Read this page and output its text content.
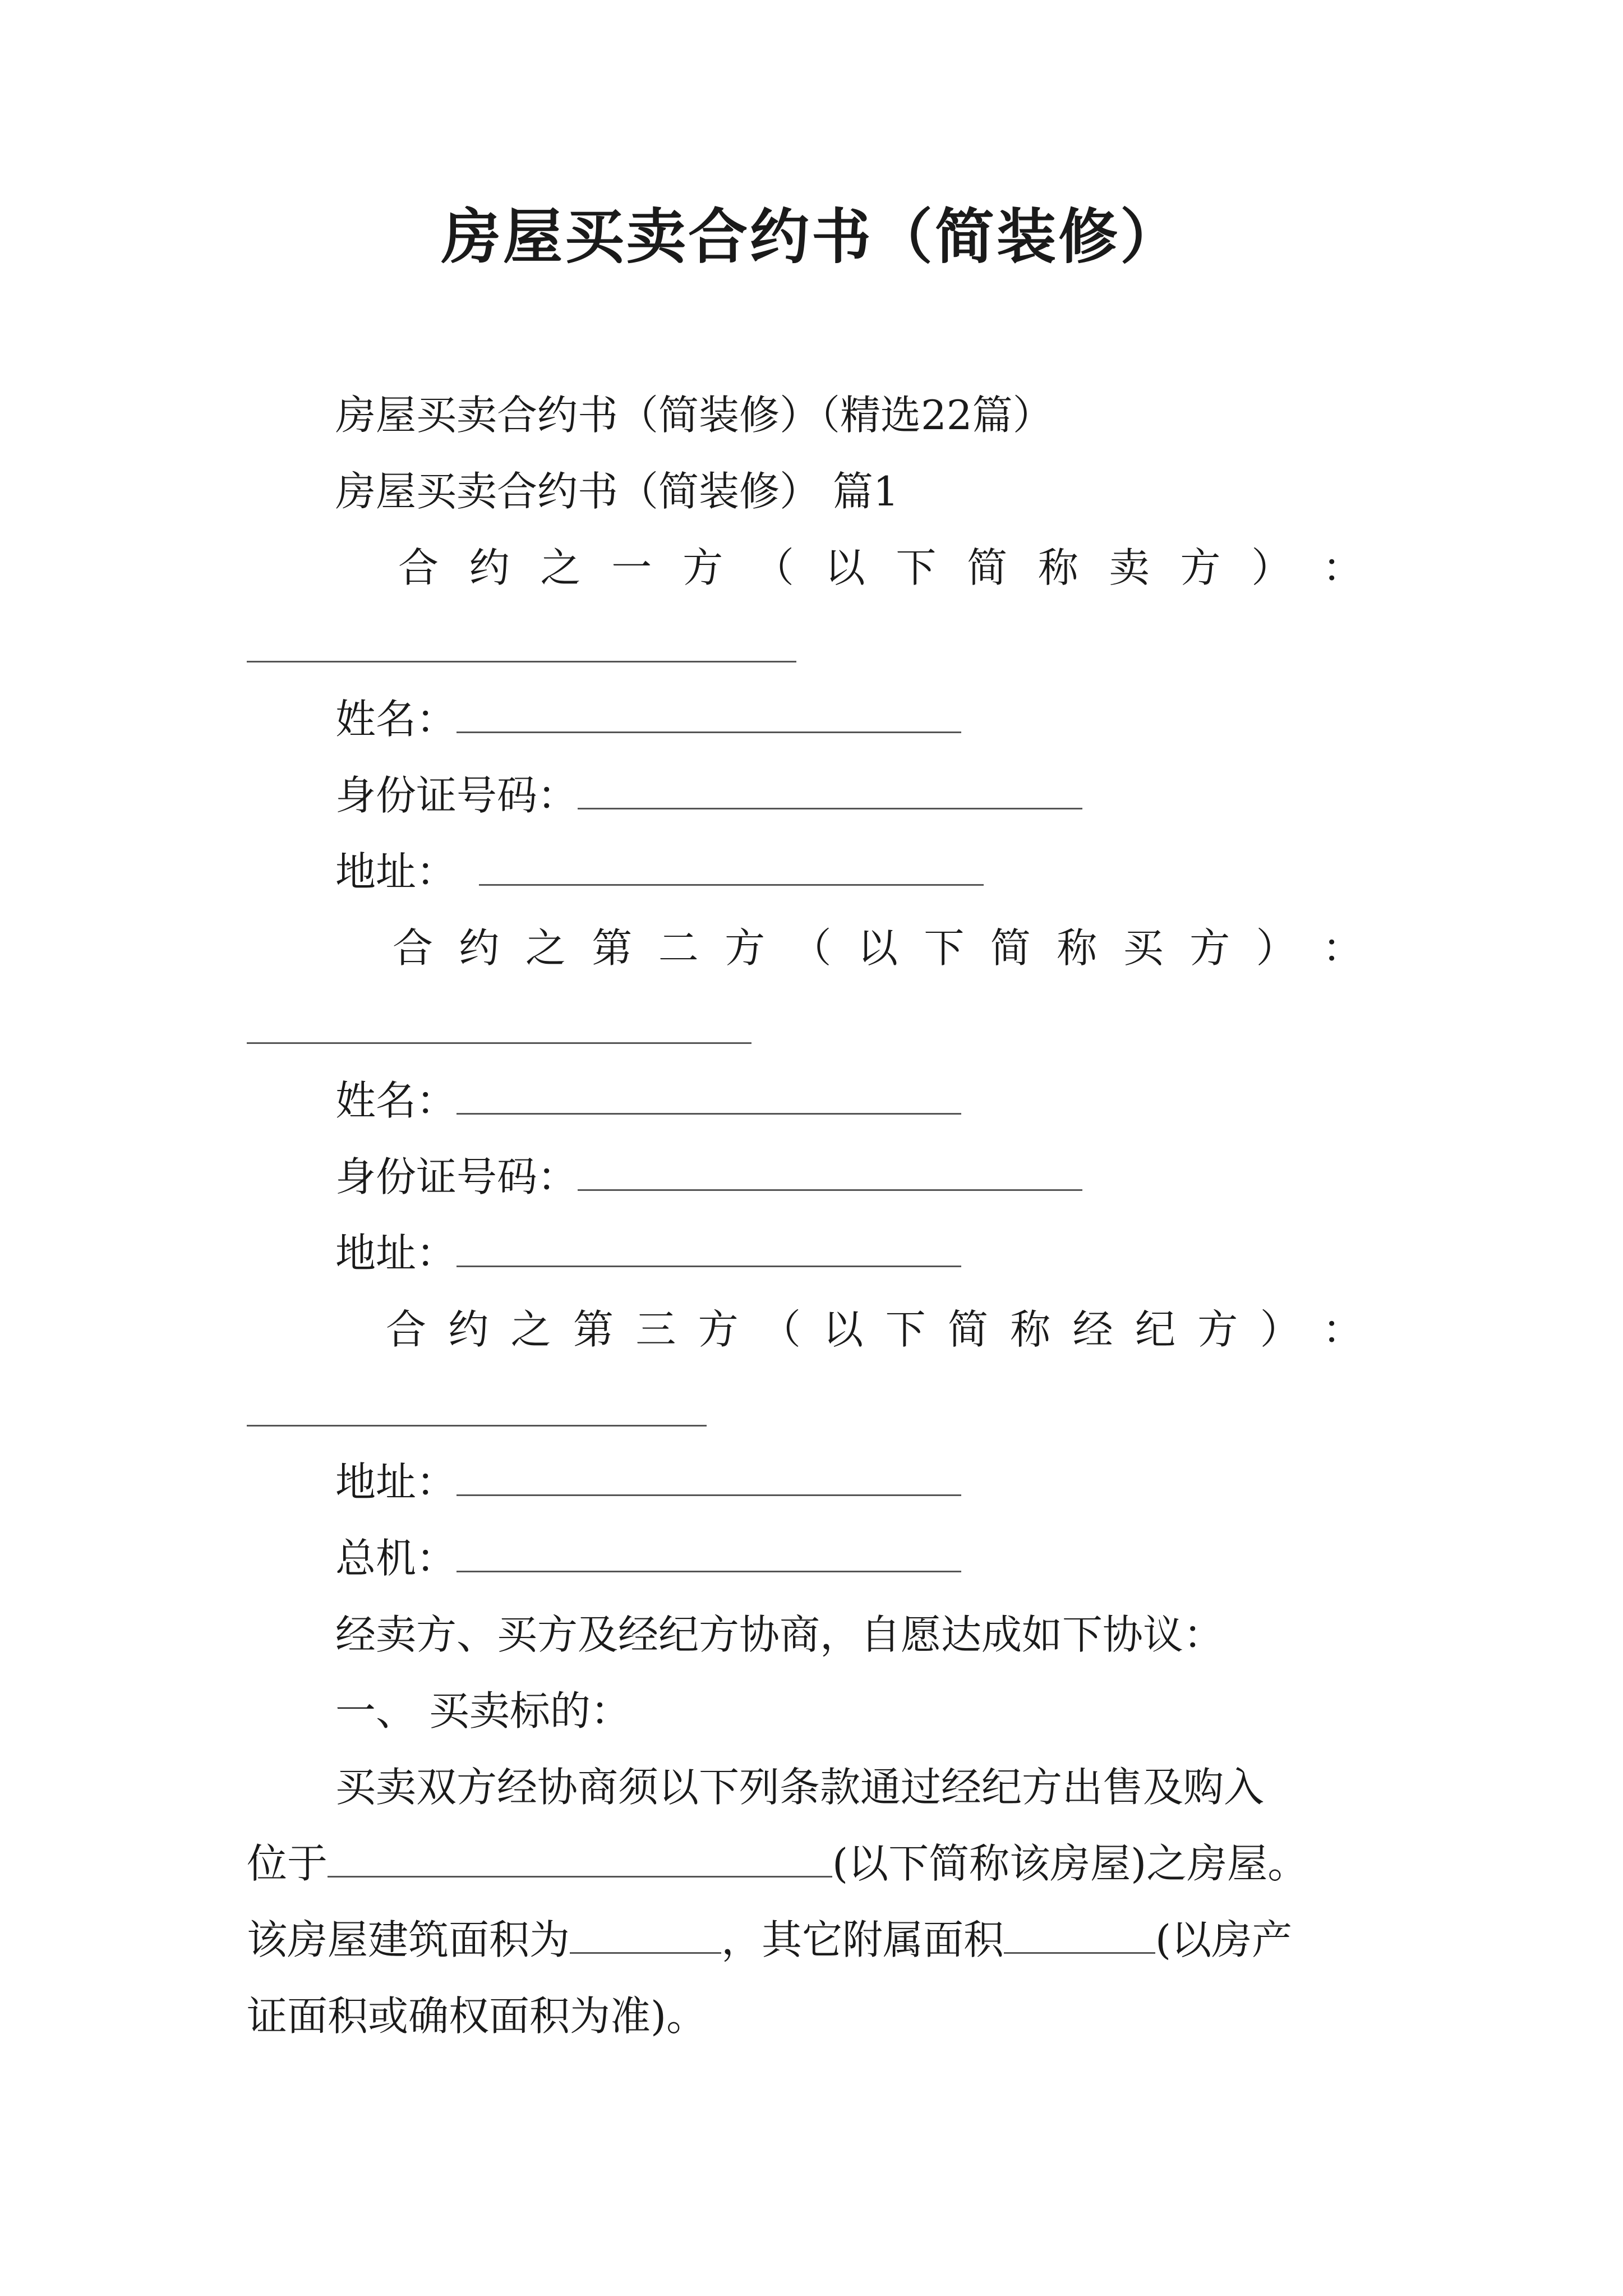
房屋买卖合约书（简装修）
房屋买卖合约书（简装修）（精选22篇）
房屋买卖合约书（简装修） 篇1
合 约 之 一 方 （ 以 下 简 称 卖 方 ） ：
姓名：
身份证号码：
地址：
合 约 之 第 二 方 （ 以 下 简 称 买 方 ） ：
姓名：
身份证号码：
地址：
合 约 之 第 三 方 （ 以 下 简 称 经 纪 方 ） ：
地址：
总机：
经卖方、买方及经纪方协商，自愿达成如下协议：
一、 买卖标的：
买卖双方经协商须以下列条款通过经纪方出售及购入
位于	(以下简称该房屋)之房屋。
该房屋建筑面积为	，其它附属面积	(以房产
证面积或确权面积为准)。
